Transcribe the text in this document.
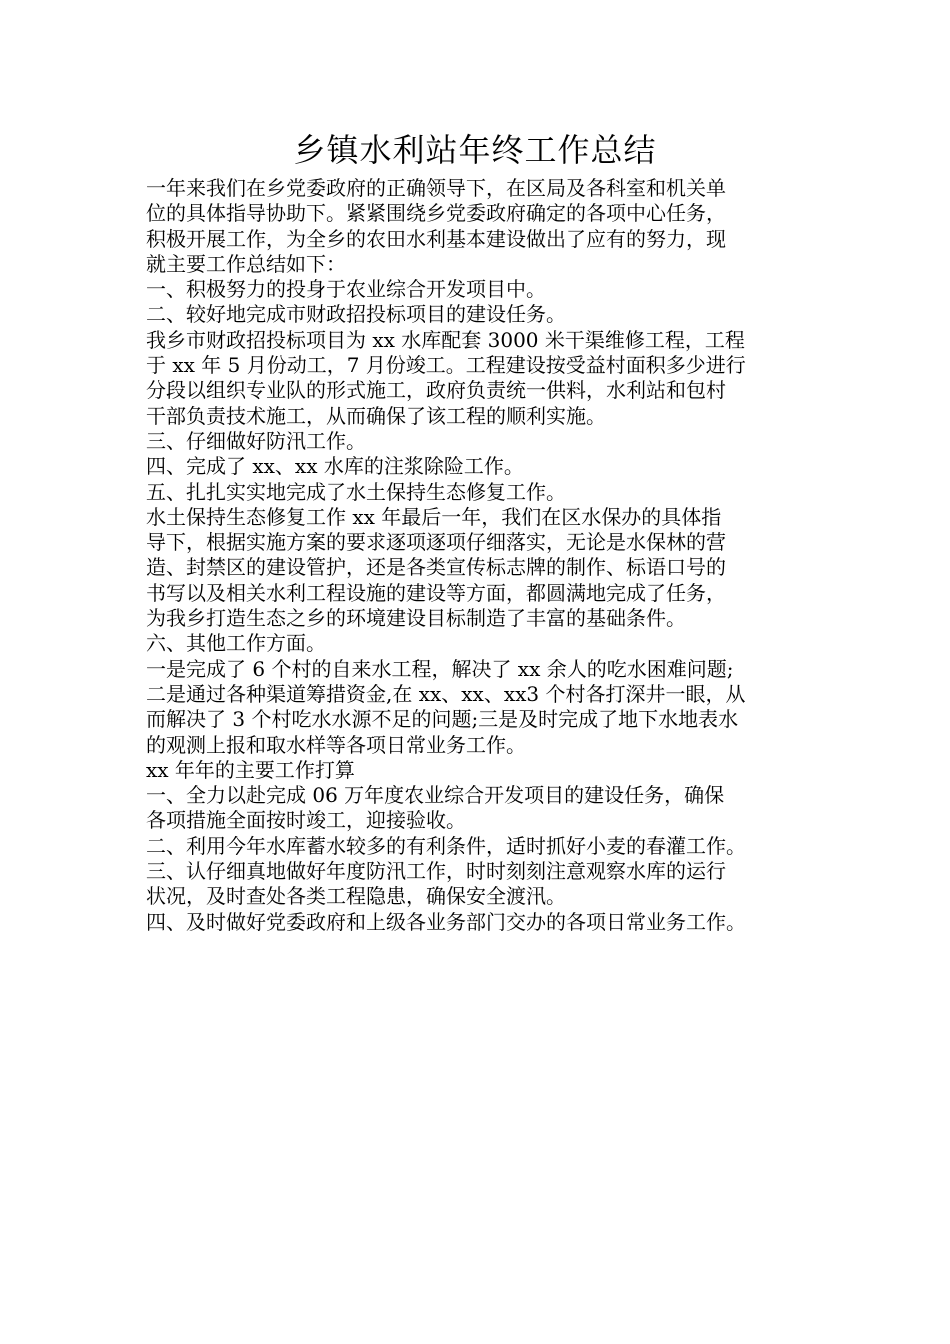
乡镇水利站年终工作总结
一年来我们在乡党委政府的正确领导下，在区局及各科室和机关单
位的具体指导协助下。紧紧围绕乡党委政府确定的各项中心任务，
积极开展工作，为全乡的农田水利基本建设做出了应有的努力，现
就主要工作总结如下：
一、积极努力的投身于农业综合开发项目中。
二、较好地完成市财政招投标项目的建设任务。
我乡市财政招投标项目为 xx 水库配套 3000 米干渠维修工程，工程
于 xx 年 5 月份动工，7 月份竣工。工程建设按受益村面积多少进行
分段以组织专业队的形式施工，政府负责统一供料，水利站和包村
干部负责技术施工，从而确保了该工程的顺利实施。
三、仔细做好防汛工作。
四、完成了 xx、xx 水库的注浆除险工作。
五、扎扎实实地完成了水土保持生态修复工作。
水土保持生态修复工作 xx 年最后一年，我们在区水保办的具体指
导下，根据实施方案的要求逐项逐项仔细落实，无论是水保林的营
造、封禁区的建设管护，还是各类宣传标志牌的制作、标语口号的
书写以及相关水利工程设施的建设等方面，都圆满地完成了任务，
为我乡打造生态之乡的环境建设目标制造了丰富的基础条件。
六、其他工作方面。
一是完成了 6 个村的自来水工程，解决了 xx 余人的吃水困难问题;
二是通过各种渠道筹措资金,在 xx、xx、xx3 个村各打深井一眼，从
而解决了 3 个村吃水水源不足的问题;三是及时完成了地下水地表水
的观测上报和取水样等各项日常业务工作。
xx 年年的主要工作打算
一、全力以赴完成 06 万年度农业综合开发项目的建设任务，确保
各项措施全面按时竣工，迎接验收。
二、利用今年水库蓄水较多的有利条件，适时抓好小麦的春灌工作。
三、认仔细真地做好年度防汛工作，时时刻刻注意观察水库的运行
状况，及时查处各类工程隐患，确保安全渡汛。
四、及时做好党委政府和上级各业务部门交办的各项日常业务工作。
